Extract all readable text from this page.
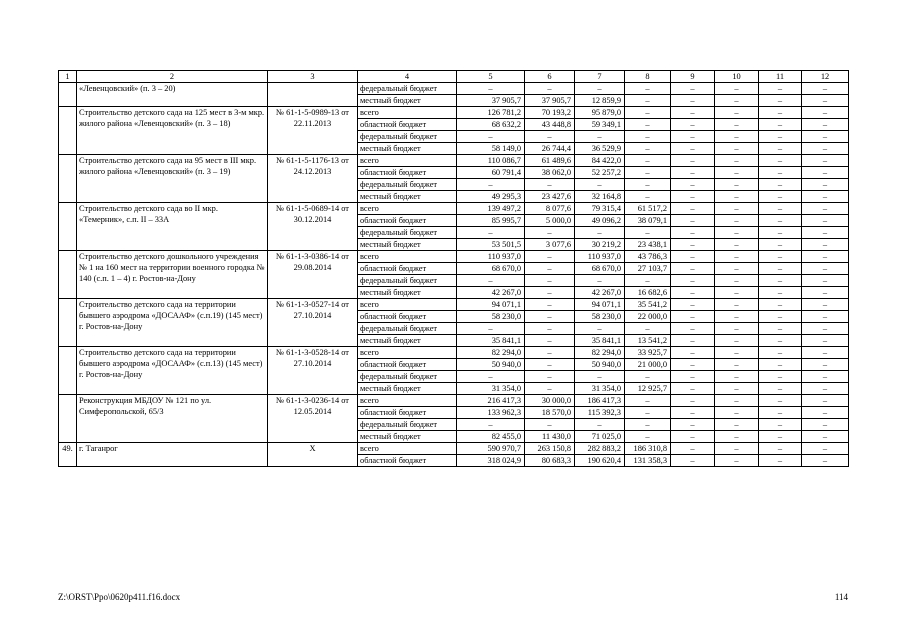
1	2	3	4	5	6	7	8	9	10	11	12
	«Левенцовский» (п. 3 – 20)		федеральный бюджет	–	–	–	–	–	–	–	–
			местный бюджет	37 905,7	37 905,7	12 859,9	–	–	–	–	–
	Строительство детского сада на 125 мест в 3-м мкр. жилого района «Левенцовский» (п. 3 – 18)	№ 61-1-5-0989-13 от 22.11.2013	всего	126 781,2	70 193,2	95 879,0	–	–	–	–	–
			областной бюджет	68 632,2	43 448,8	59 349,1	–	–	–	–	–
			федеральный бюджет	–	–	–	–	–	–	–	–
			местный бюджет	58 149,0	26 744,4	36 529,9	–	–	–	–	–
	Строительство детского сада на 95 мест в III мкр. жилого района «Левенцовский» (п. 3 – 19)	№ 61-1-5-1176-13 от 24.12.2013	всего	110 086,7	61 489,6	84 422,0	–	–	–	–	–
			областной бюджет	60 791,4	38 062,0	52 257,2	–	–	–	–	–
			федеральный бюджет	–	–	–	–	–	–	–	–
			местный бюджет	49 295,3	23 427,6	32 164,8	–	–	–	–	–
	Строительство детского сада во II мкр. «Темерник», с.п. II – 33А	№ 61-1-5-0689-14 от 30.12.2014	всего	139 497,2	8 077,6	79 315,4	61 517,2	–	–	–	–
			областной бюджет	85 995,7	5 000,0	49 096,2	38 079,1	–	–	–	–
			федеральный бюджет	–	–	–	–	–	–	–	–
			местный бюджет	53 501,5	3 077,6	30 219,2	23 438,1	–	–	–	–
	Строительство детского дошкольного учреждения № 1 на 160 мест на территории военного городка № 140 (с.п. 1 – 4) г. Ростов-на-Дону	№ 61-1-3-0386-14 от 29.08.2014	всего	110 937,0	–	110 937,0	43 786,3	–	–	–	–
			областной бюджет	68 670,0	–	68 670,0	27 103,7	–	–	–	–
			федеральный бюджет	–	–	–	–	–	–	–	–
			местный бюджет	42 267,0	–	42 267,0	16 682,6	–	–	–	–
	Строительство детского сада на территории бывшего аэродрома «ДОСААФ» (с.п.19) (145 мест) г. Ростов-на-Дону	№ 61-1-3-0527-14 от 27.10.2014	всего	94 071,1	–	94 071,1	35 541,2	–	–	–	–
			областной бюджет	58 230,0	–	58 230,0	22 000,0	–	–	–	–
			федеральный бюджет	–	–	–	–	–	–	–	–
			местный бюджет	35 841,1	–	35 841,1	13 541,2	–	–	–	–
	Строительство детского сада на территории бывшего аэродрома «ДОСААФ» (с.п.13) (145 мест) г. Ростов-на-Дону	№ 61-1-3-0528-14 от 27.10.2014	всего	82 294,0	–	82 294,0	33 925,7	–	–	–	–
			областной бюджет	50 940,0	–	50 940,0	21 000,0	–	–	–	–
			федеральный бюджет	–	–	–	–	–	–	–	–
			местный бюджет	31 354,0	–	31 354,0	12 925,7	–	–	–	–
	Реконструкция МБДОУ № 121 по ул. Симферопольской, 65/3	№ 61-1-3-0236-14 от 12.05.2014	всего	216 417,3	30 000,0	186 417,3	–	–	–	–	–
			областной бюджет	133 962,3	18 570,0	115 392,3	–	–	–	–	–
			федеральный бюджет	–	–	–	–	–	–	–	–
			местный бюджет	82 455,0	11 430,0	71 025,0	–	–	–	–	–
49.	г. Таганрог	Х	всего	590 970,7	263 150,8	282 883,2	186 310,8	–	–	–	–
			областной бюджет	318 024,9	80 683,3	190 620,4	131 358,3	–	–	–	–
Z:\ORST\Ppo\0620p411.f16.docx	114
